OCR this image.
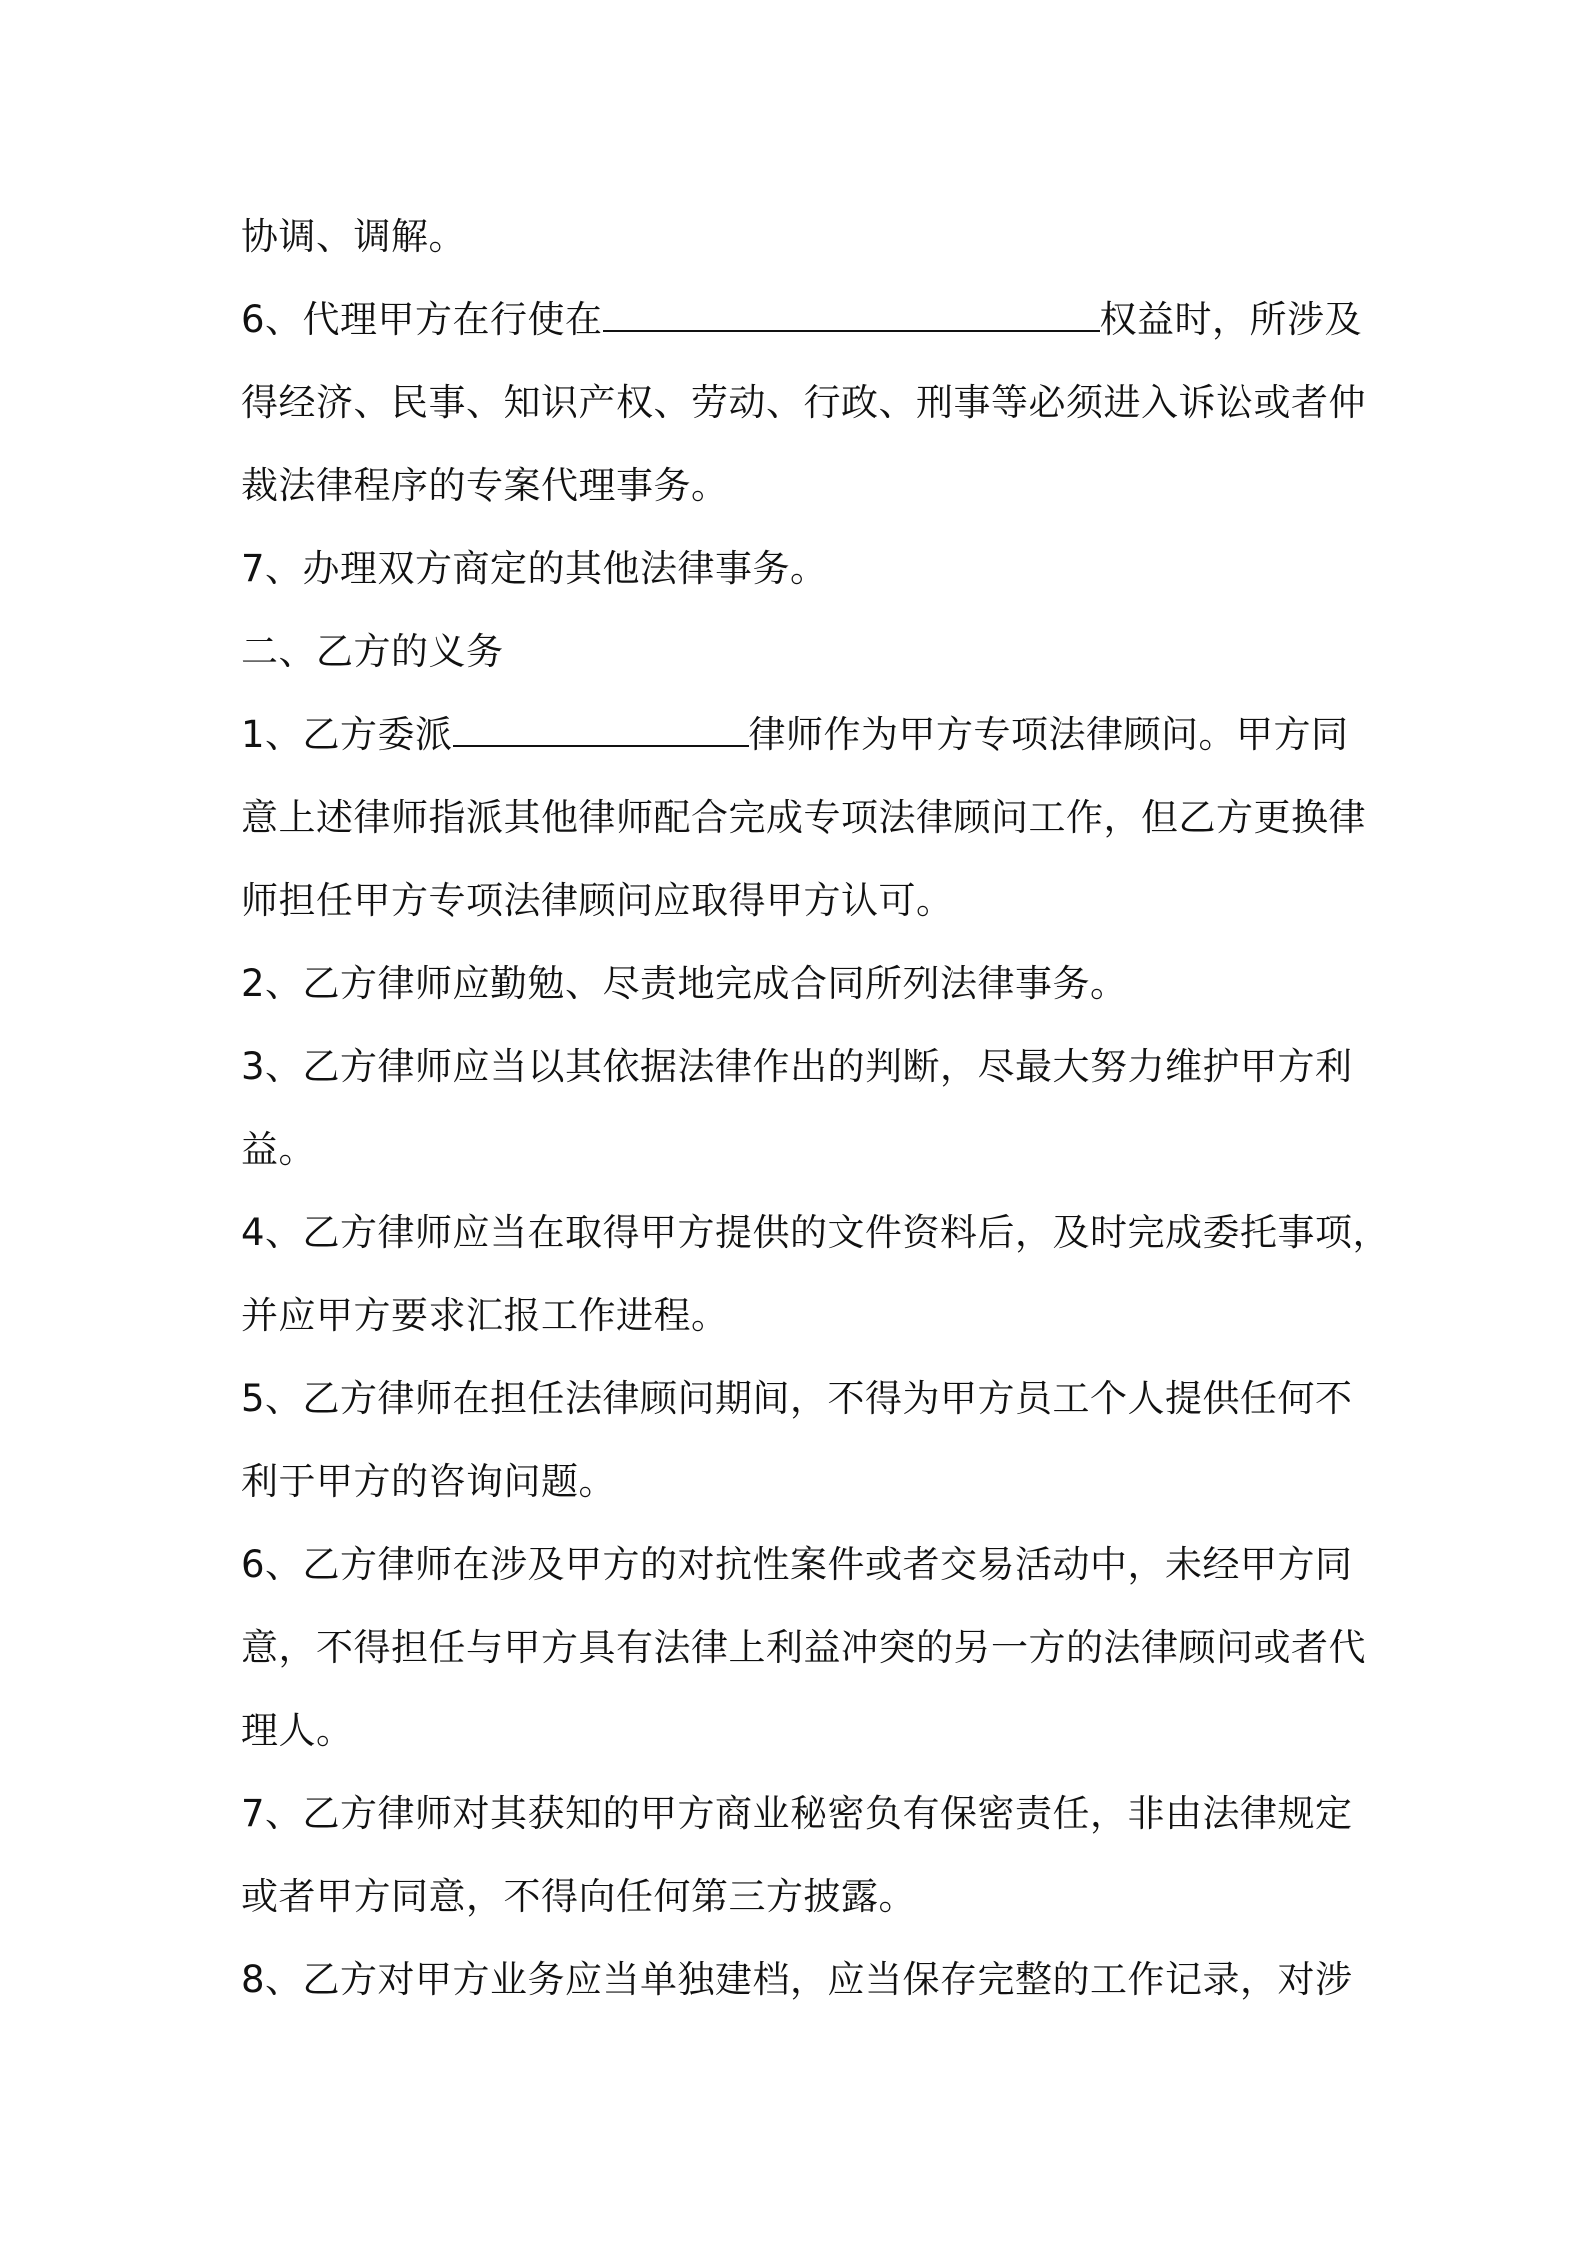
协调、调解。
6、代理甲方在行使在	权益时，所涉及
得经济、民事、知识产权、劳动、行政、刑事等必须进入诉讼或者仲
裁法律程序的专案代理事务。
7、办理双方商定的其他法律事务。
二、乙方的义务
1、乙方委派	律师作为甲方专项法律顾问。甲方同
意上述律师指派其他律师配合完成专项法律顾问工作，但乙方更换律
师担任甲方专项法律顾问应取得甲方认可。
2、乙方律师应勤勉、尽责地完成合同所列法律事务。
3、乙方律师应当以其依据法律作出的判断，尽最大努力维护甲方利
益。
4、乙方律师应当在取得甲方提供的文件资料后，及时完成委托事项，
并应甲方要求汇报工作进程。
5、乙方律师在担任法律顾问期间，不得为甲方员工个人提供任何不
利于甲方的咨询问题。
6、乙方律师在涉及甲方的对抗性案件或者交易活动中，未经甲方同
意，不得担任与甲方具有法律上利益冲突的另一方的法律顾问或者代
理人。
7、乙方律师对其获知的甲方商业秘密负有保密责任，非由法律规定
或者甲方同意，不得向任何第三方披露。
8、乙方对甲方业务应当单独建档，应当保存完整的工作记录，对涉
